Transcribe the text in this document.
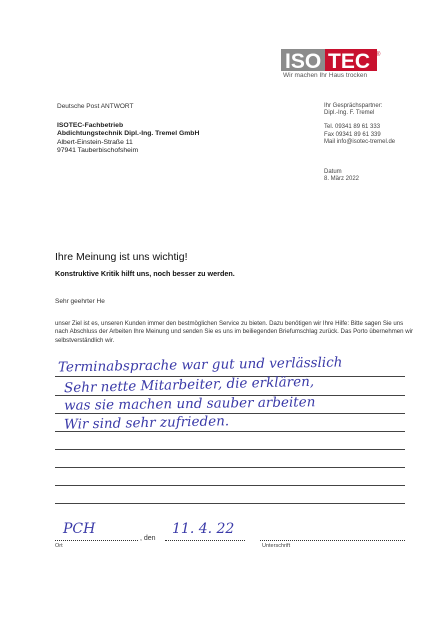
ISO TEC ®
Wir machen Ihr Haus trocken
Deutsche Post ANTWORT
ISOTEC-Fachbetrieb
Abdichtungstechnik Dipl.-Ing. Tremel GmbH
Albert-Einstein-Straße 11
97941 Tauberbischofsheim
Ihr Gesprächspartner:
Dipl.-Ing. F. Tremel
Tel. 09341 89 61 333
Fax 09341 89 61 339
Mail info@isotec-tremel.de
Datum
8. März 2022
Ihre Meinung ist uns wichtig!
Konstruktive Kritik hilft uns, noch besser zu werden.
Sehr geehrter He
unser Ziel ist es, unseren Kunden immer den bestmöglichen Service zu bieten. Dazu benötigen wir Ihre Hilfe: Bitte sagen Sie uns nach Abschluss der Arbeiten Ihre Meinung und senden Sie es uns im beiliegenden Briefumschlag zurück. Das Porto übernehmen wir selbstverständlich wir.
Terminabsprache war gut und verlässlich
Sehr nette Mitarbeiter, die erklären,
was sie machen und sauber arbeiten
Wir sind sehr zufrieden.
PCH
Ort
, den
11. 4. 22
Unterschrift
